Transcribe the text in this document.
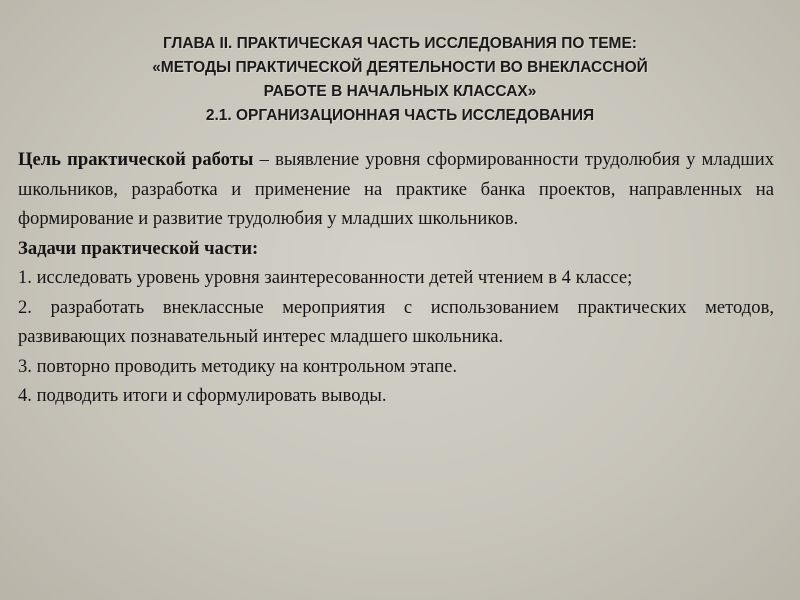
ГЛАВА II. ПРАКТИЧЕСКАЯ ЧАСТЬ ИССЛЕДОВАНИЯ ПО ТЕМЕ:
«МЕТОДЫ ПРАКТИЧЕСКОЙ ДЕЯТЕЛЬНОСТИ ВО ВНЕКЛАССНОЙ
РАБОТЕ В НАЧАЛЬНЫХ КЛАССАХ»
2.1. ОРГАНИЗАЦИОННАЯ ЧАСТЬ ИССЛЕДОВАНИЯ

Цель практической работы – выявление уровня сформированности трудолюбия у младших школьников, разработка и применение на практике банка проектов, направленных на формирование и развитие трудолюбия у младших школьников.

Задачи практической части:

1. исследовать уровень уровня заинтересованности детей чтением в 4 классе;

2. разработать внеклассные мероприятия с использованием практических методов, развивающих познавательный интерес младшего школьника.

3. повторно проводить методику на контрольном этапе.

4. подводить итоги и сформулировать выводы.
